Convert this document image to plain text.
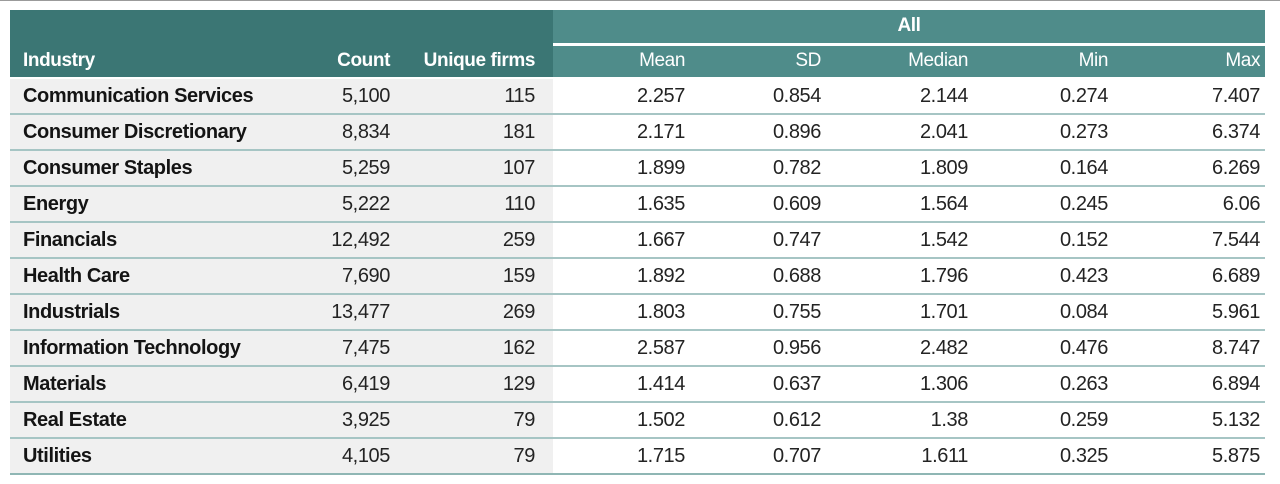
			All				
Industry	Count	Unique firms	Mean	SD	Median	Min	Max
Communication Services	5,100	115	2.257	0.854	2.144	0.274	7.407
Consumer Discretionary	8,834	181	2.171	0.896	2.041	0.273	6.374
Consumer Staples	5,259	107	1.899	0.782	1.809	0.164	6.269
Energy	5,222	110	1.635	0.609	1.564	0.245	6.06
Financials	12,492	259	1.667	0.747	1.542	0.152	7.544
Health Care	7,690	159	1.892	0.688	1.796	0.423	6.689
Industrials	13,477	269	1.803	0.755	1.701	0.084	5.961
Information Technology	7,475	162	2.587	0.956	2.482	0.476	8.747
Materials	6,419	129	1.414	0.637	1.306	0.263	6.894
Real Estate	3,925	79	1.502	0.612	1.38	0.259	5.132
Utilities	4,105	79	1.715	0.707	1.611	0.325	5.875
